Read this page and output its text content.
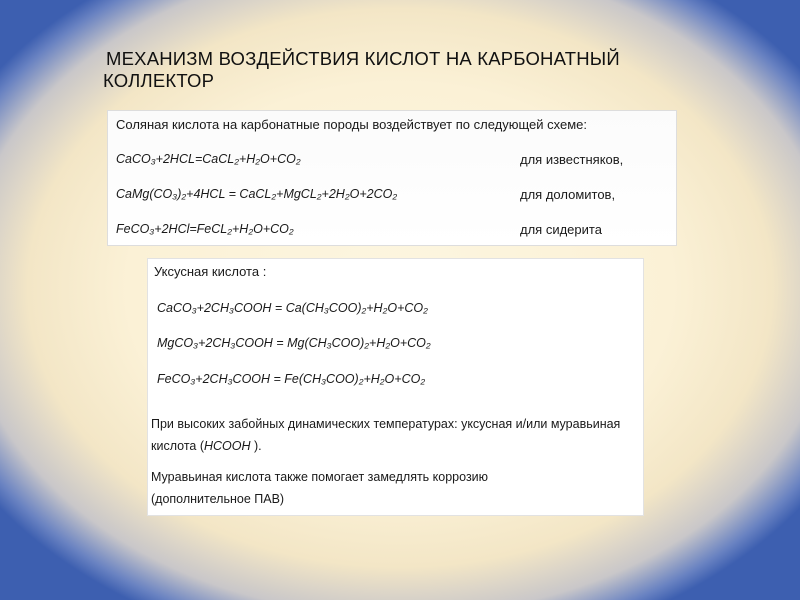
МЕХАНИЗМ ВОЗДЕЙСТВИЯ КИСЛОТ НА КАРБОНАТНЫЙ
КОЛЛЕКТОР
Соляная кислота на карбонатные породы воздействует по следующей схеме:
CaCO₃+2HCL=CaCL₂+H₂O+CO₂	для известняков,
CaMg(CO₃)₂+4HCL = CaCL₂+MgCL₂+2H₂O+2CO₂	для доломитов,
FeCO₃+2HCl=FeCL₂+H₂O+CO₂	для сидерита
Уксусная кислота :
CaCO₃+2CH₃COOH = Ca(CH₃COO)₂+H₂O+CO₂
MgCO₃+2CH₃COOH = Mg(CH₃COO)₂+H₂O+CO₂
FeCO₃+2CH₃COOH = Fe(CH₃COO)₂+H₂O+CO₂
При высоких забойных динамических температурах: уксусная и/или муравьиная кислота (HCOOH ).
Муравьиная кислота также помогает замедлять коррозию (дополнительное ПАВ)
